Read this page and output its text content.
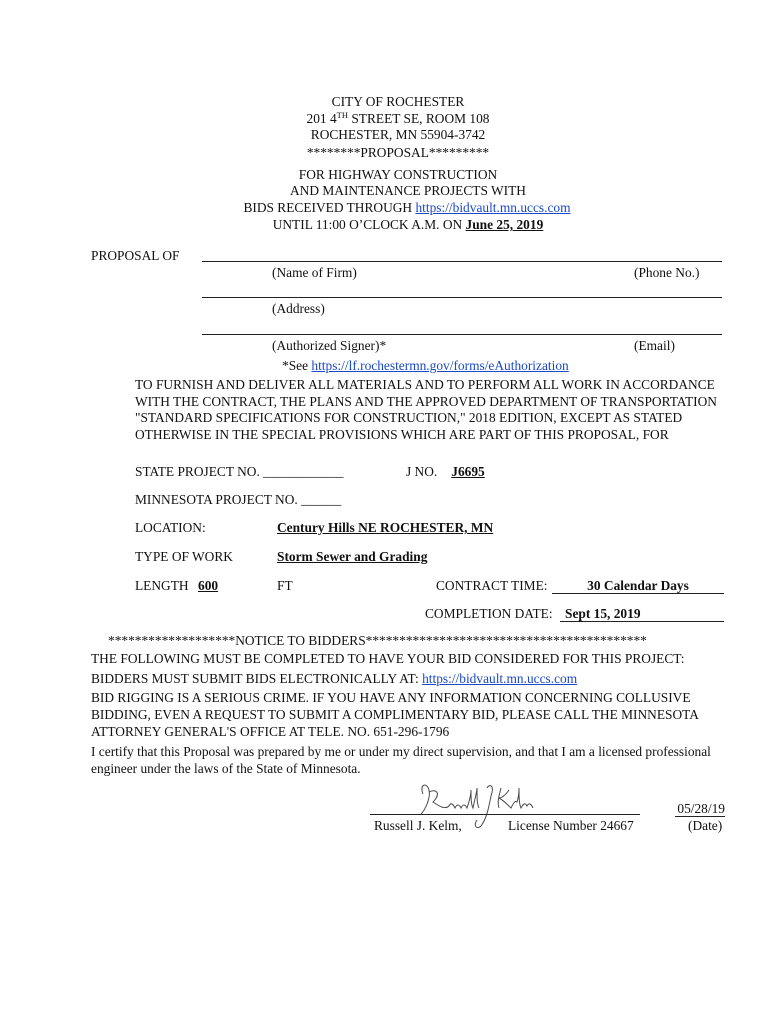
CITY OF ROCHESTER
201 4TH STREET SE, ROOM 108
ROCHESTER, MN 55904-3742
********PROPOSAL*********
FOR HIGHWAY CONSTRUCTION
AND MAINTENANCE PROJECTS WITH
BIDS RECEIVED THROUGH https://bidvault.mn.uccs.com
UNTIL 11:00 O’CLOCK A.M. ON June 25, 2019
PROPOSAL OF
(Name of Firm)	(Phone No.)
(Address)
(Authorized Signer)*	(Email)
*See https://lf.rochestermn.gov/forms/eAuthorization
TO FURNISH AND DELIVER ALL MATERIALS AND TO PERFORM ALL WORK IN ACCORDANCE WITH THE CONTRACT, THE PLANS AND THE APPROVED DEPARTMENT OF TRANSPORTATION "STANDARD SPECIFICATIONS FOR CONSTRUCTION," 2018 EDITION, EXCEPT AS STATED OTHERWISE IN THE SPECIAL PROVISIONS WHICH ARE PART OF THIS PROPOSAL, FOR
STATE PROJECT NO. ____________	J NO. J6695
MINNESOTA PROJECT NO. ______
LOCATION:	Century Hills NE ROCHESTER, MN
TYPE OF WORK	Storm Sewer and Grading
LENGTH 600	FT	CONTRACT TIME:	30 Calendar Days
COMPLETION DATE: Sept 15, 2019
*******************NOTICE TO BIDDERS******************************************
THE FOLLOWING MUST BE COMPLETED TO HAVE YOUR BID CONSIDERED FOR THIS PROJECT:
BIDDERS MUST SUBMIT BIDS ELECTRONICALLY AT: https://bidvault.mn.uccs.com
BID RIGGING IS A SERIOUS CRIME. IF YOU HAVE ANY INFORMATION CONCERNING COLLUSIVE BIDDING, EVEN A REQUEST TO SUBMIT A COMPLIMENTARY BID, PLEASE CALL THE MINNESOTA ATTORNEY GENERAL'S OFFICE AT TELE. NO. 651-296-1796
I certify that this Proposal was prepared by me or under my direct supervision, and that I am a licensed professional engineer under the laws of the State of Minnesota.
Russell J. Kelm,	License Number 24667
05/28/19
(Date)
